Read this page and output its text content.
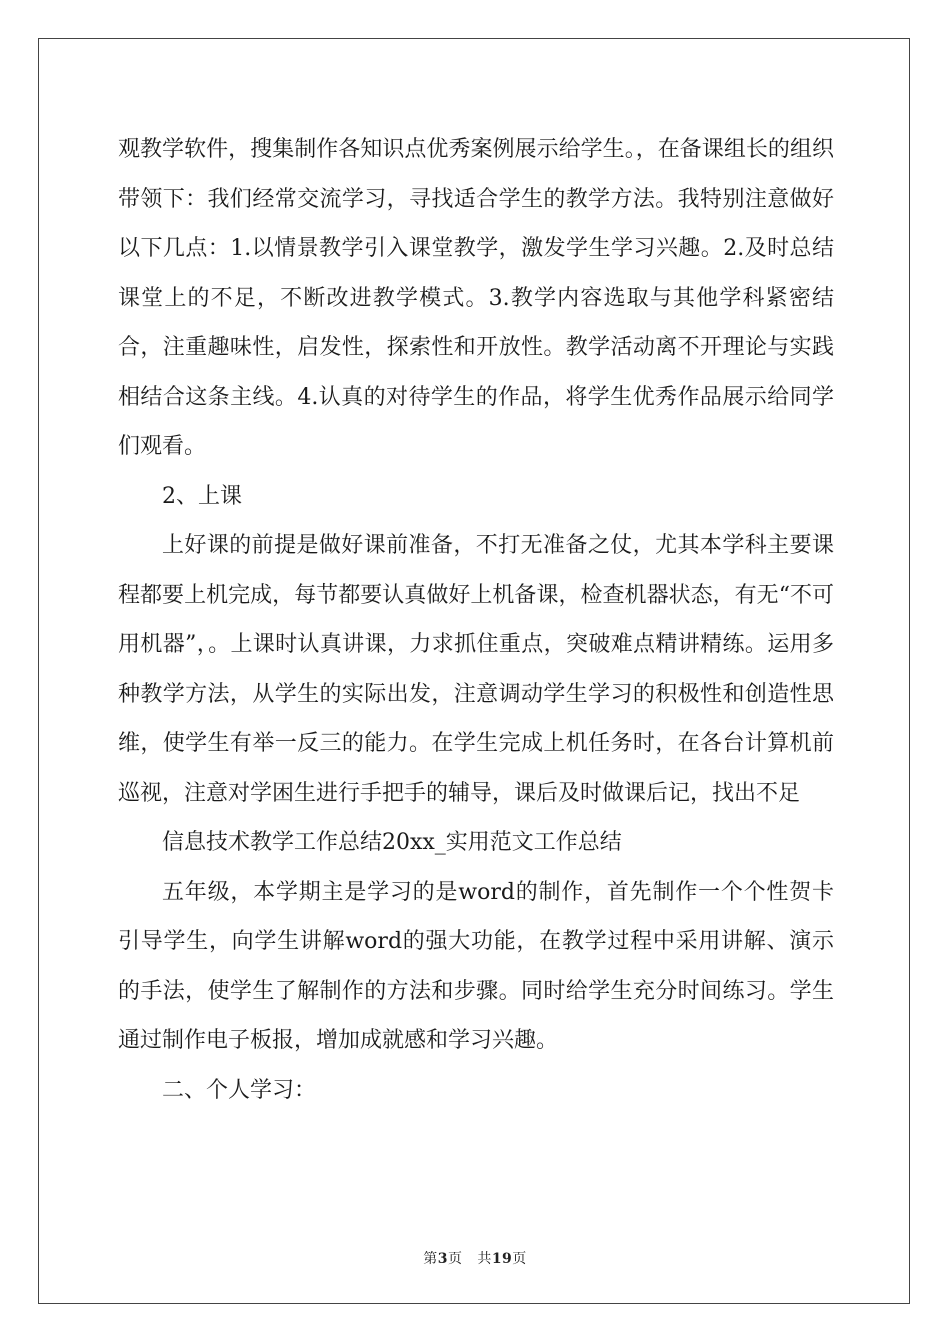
观教学软件，搜集制作各知识点优秀案例展示给学生。，在备课组长的组织带领下：我们经常交流学习，寻找适合学生的教学方法。我特别注意做好以下几点：1.以情景教学引入课堂教学，激发学生学习兴趣。2.及时总结课堂上的不足，不断改进教学模式。3.教学内容选取与其他学科紧密结合，注重趣味性，启发性，探索性和开放性。教学活动离不开理论与实践相结合这条主线。4.认真的对待学生的作品，将学生优秀作品展示给同学们观看。

2、上课

上好课的前提是做好课前准备，不打无准备之仗，尤其本学科主要课程都要上机完成，每节都要认真做好上机备课，检查机器状态，有无“不可用机器”，。上课时认真讲课，力求抓住重点，突破难点精讲精练。运用多种教学方法，从学生的实际出发，注意调动学生学习的积极性和创造性思维，使学生有举一反三的能力。在学生完成上机任务时，在各台计算机前巡视，注意对学困生进行手把手的辅导，课后及时做课后记，找出不足

信息技术教学工作总结20xx_实用范文工作总结

五年级，本学期主是学习的是word的制作，首先制作一个个性贺卡引导学生，向学生讲解word的强大功能，在教学过程中采用讲解、演示的手法，使学生了解制作的方法和步骤。同时给学生充分时间练习。学生通过制作电子板报，增加成就感和学习兴趣。

二、个人学习：

第3页 共19页
